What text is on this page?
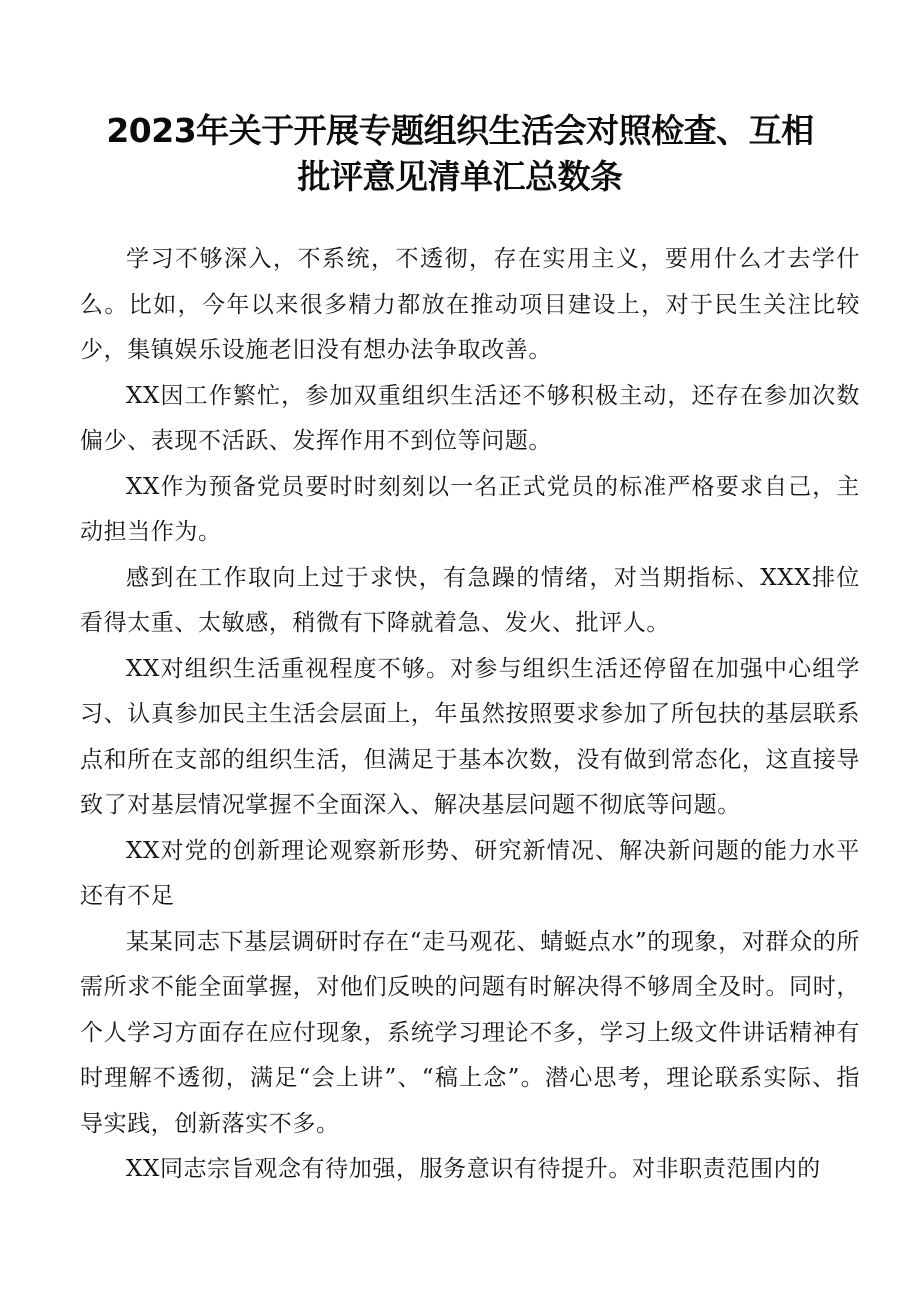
2023年关于开展专题组织生活会对照检查、互相
批评意见清单汇总数条

学习不够深入，不系统，不透彻，存在实用主义，要用什么才去学什么。比如，今年以来很多精力都放在推动项目建设上，对于民生关注比较少，集镇娱乐设施老旧没有想办法争取改善。

XX因工作繁忙，参加双重组织生活还不够积极主动，还存在参加次数偏少、表现不活跃、发挥作用不到位等问题。

XX作为预备党员要时时刻刻以一名正式党员的标准严格要求自己，主动担当作为。

感到在工作取向上过于求快，有急躁的情绪，对当期指标、XXX排位看得太重、太敏感，稍微有下降就着急、发火、批评人。

XX对组织生活重视程度不够。对参与组织生活还停留在加强中心组学习、认真参加民主生活会层面上，年虽然按照要求参加了所包扶的基层联系点和所在支部的组织生活，但满足于基本次数，没有做到常态化，这直接导致了对基层情况掌握不全面深入、解决基层问题不彻底等问题。

XX对党的创新理论观察新形势、研究新情况、解决新问题的能力水平还有不足

某某同志下基层调研时存在“走马观花、蜻蜓点水”的现象，对群众的所需所求不能全面掌握，对他们反映的问题有时解决得不够周全及时。同时，个人学习方面存在应付现象，系统学习理论不多，学习上级文件讲话精神有时理解不透彻，满足“会上讲”、“稿上念”。潜心思考，理论联系实际、指导实践，创新落实不多。

XX同志宗旨观念有待加强，服务意识有待提升。对非职责范围内的
